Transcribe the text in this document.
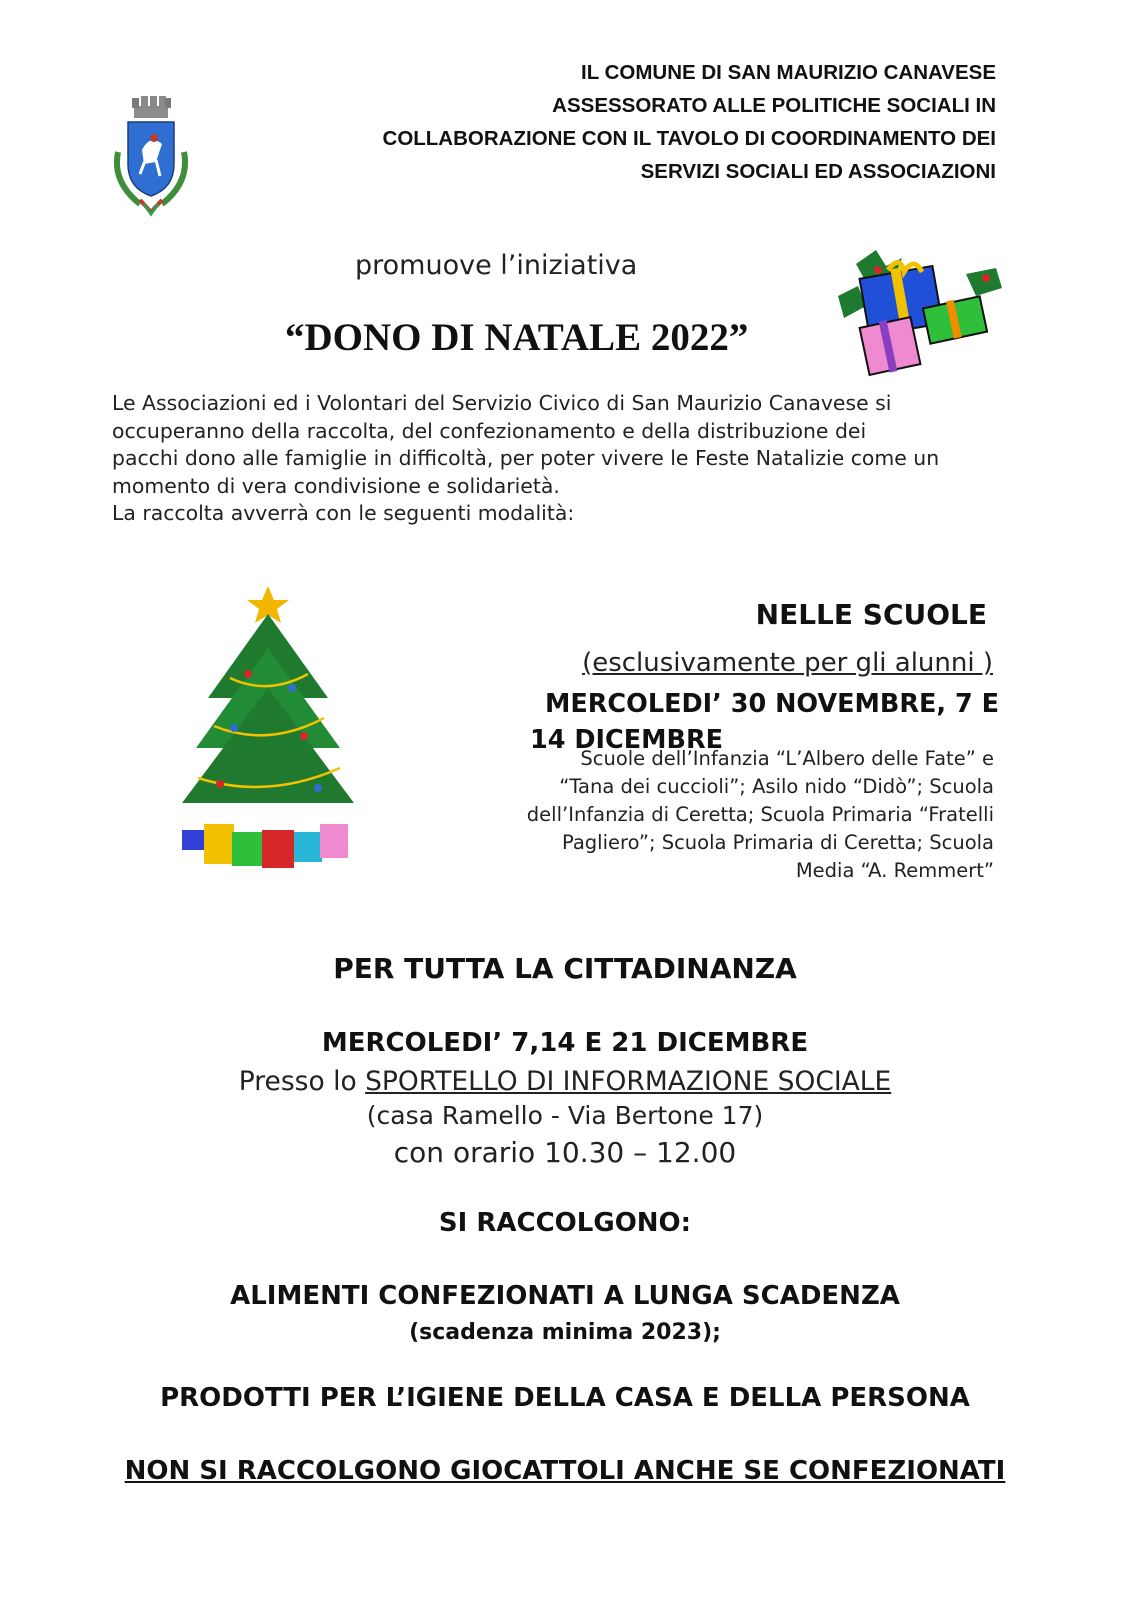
IL COMUNE DI SAN MAURIZIO CANAVESE
ASSESSORATO ALLE POLITICHE SOCIALI IN
COLLABORAZIONE CON IL TAVOLO DI COORDINAMENTO DEI
SERVIZI SOCIALI ED ASSOCIAZIONI
promuove l’iniziativa
“DONO DI NATALE 2022”
Le Associazioni ed i Volontari del Servizio Civico di San Maurizio Canavese si
occuperanno della raccolta, del confezionamento e della distribuzione dei
pacchi dono alle famiglie in difficoltà, per poter vivere le Feste Natalizie come un
momento di vera condivisione e solidarietà.
La raccolta avverrà con le seguenti modalità:
NELLE SCUOLE
(esclusivamente per gli alunni )
MERCOLEDI’ 30 NOVEMBRE, 7 E
14 DICEMBRE
Scuole dell’Infanzia “L’Albero delle Fate” e
“Tana dei cuccioli”; Asilo nido “Didò”; Scuola
dell’Infanzia di Ceretta; Scuola Primaria “Fratelli
Pagliero”; Scuola Primaria di Ceretta; Scuola
Media “A. Remmert”
PER TUTTA LA CITTADINANZA
MERCOLEDI’ 7,14 E 21 DICEMBRE
Presso lo SPORTELLO DI INFORMAZIONE SOCIALE
(casa Ramello - Via Bertone 17)
con orario 10.30 – 12.00
SI RACCOLGONO:
ALIMENTI CONFEZIONATI A LUNGA SCADENZA
(scadenza minima 2023);
PRODOTTI PER L’IGIENE DELLA CASA E DELLA PERSONA
NON SI RACCOLGONO GIOCATTOLI ANCHE SE CONFEZIONATI
